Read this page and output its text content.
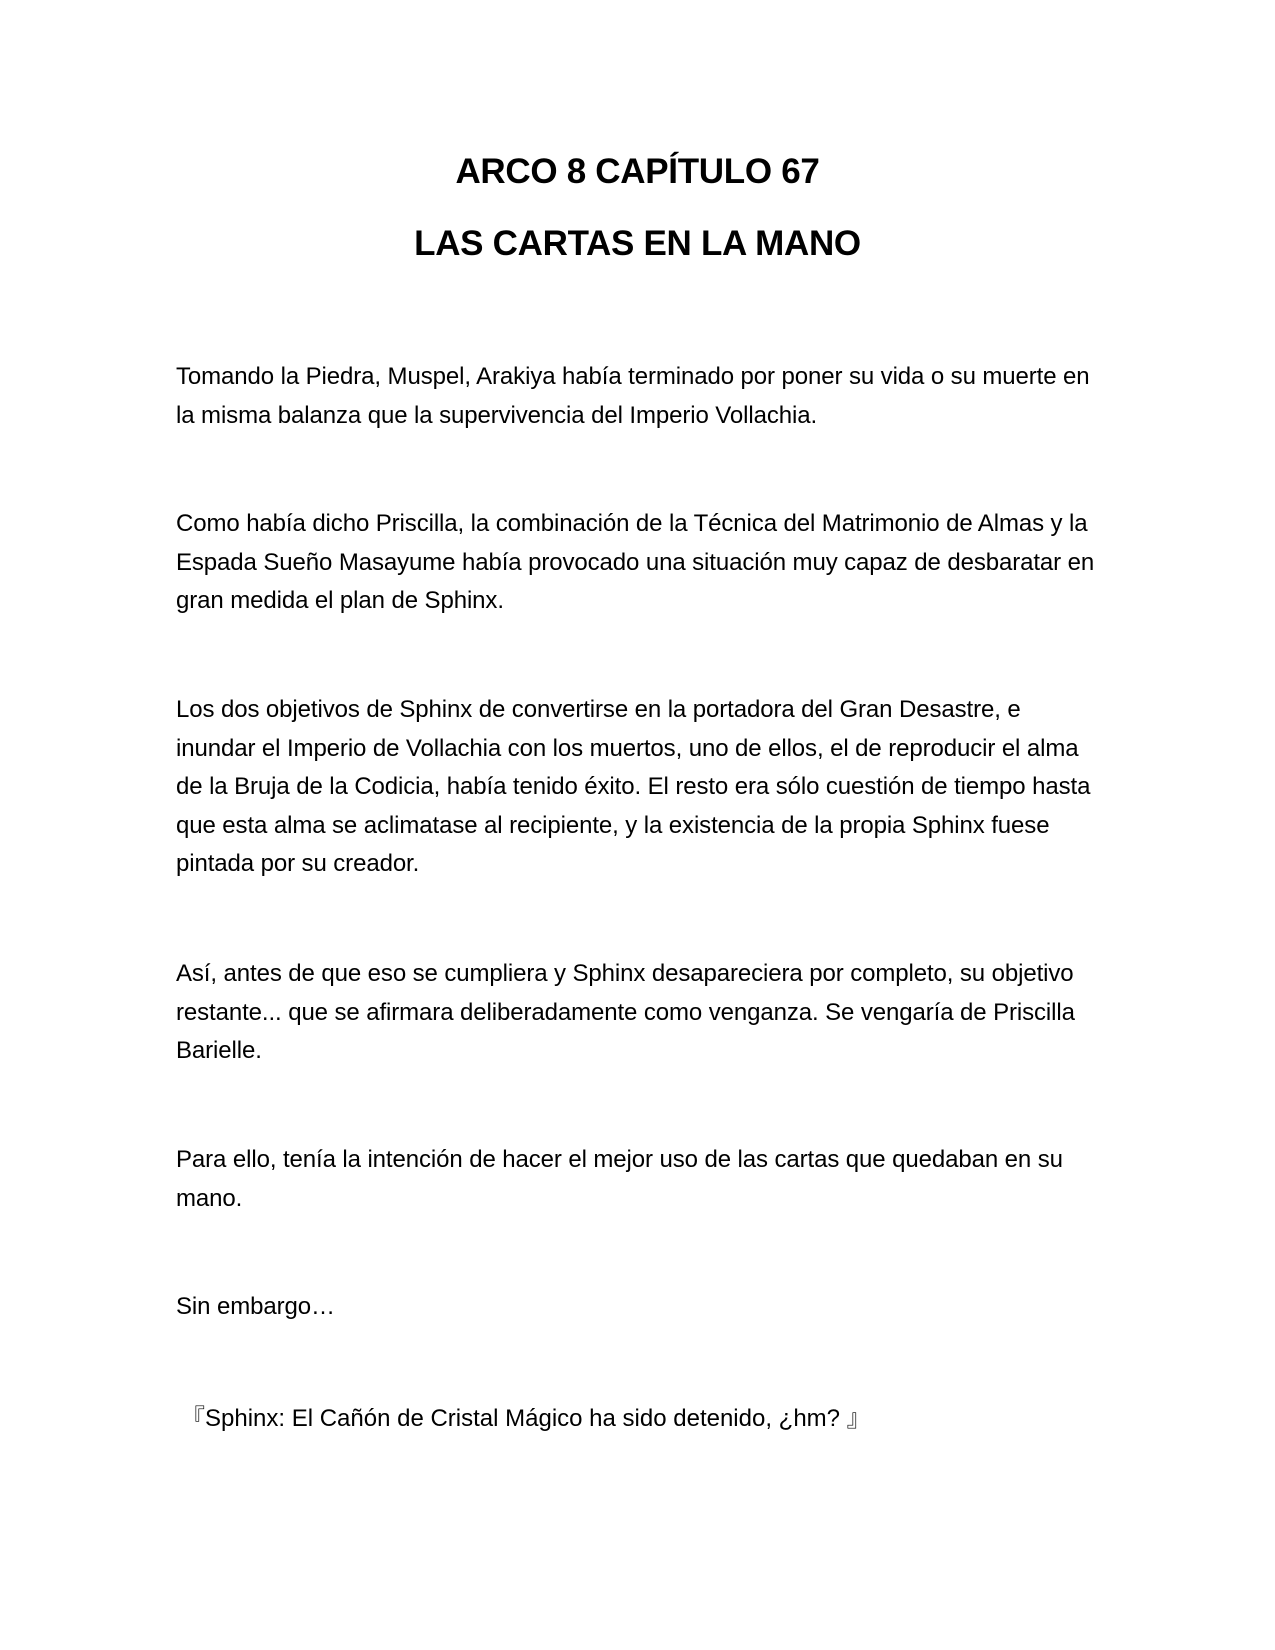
ARCO 8 CAPÍTULO 67
LAS CARTAS EN LA MANO

Tomando la Piedra, Muspel, Arakiya había terminado por poner su vida o su muerte en la misma balanza que la supervivencia del Imperio Vollachia.

Como había dicho Priscilla, la combinación de la Técnica del Matrimonio de Almas y la Espada Sueño Masayume había provocado una situación muy capaz de desbaratar en gran medida el plan de Sphinx.

Los dos objetivos de Sphinx de convertirse en la portadora del Gran Desastre, e inundar el Imperio de Vollachia con los muertos, uno de ellos, el de reproducir el alma de la Bruja de la Codicia, había tenido éxito. El resto era sólo cuestión de tiempo hasta que esta alma se aclimatase al recipiente, y la existencia de la propia Sphinx fuese pintada por su creador.

Así, antes de que eso se cumpliera y Sphinx desapareciera por completo, su objetivo restante... que se afirmara deliberadamente como venganza. Se vengaría de Priscilla Barielle.

Para ello, tenía la intención de hacer el mejor uso de las cartas que quedaban en su mano.

Sin embargo…

『Sphinx: El Cañón de Cristal Mágico ha sido detenido, ¿hm? 』
